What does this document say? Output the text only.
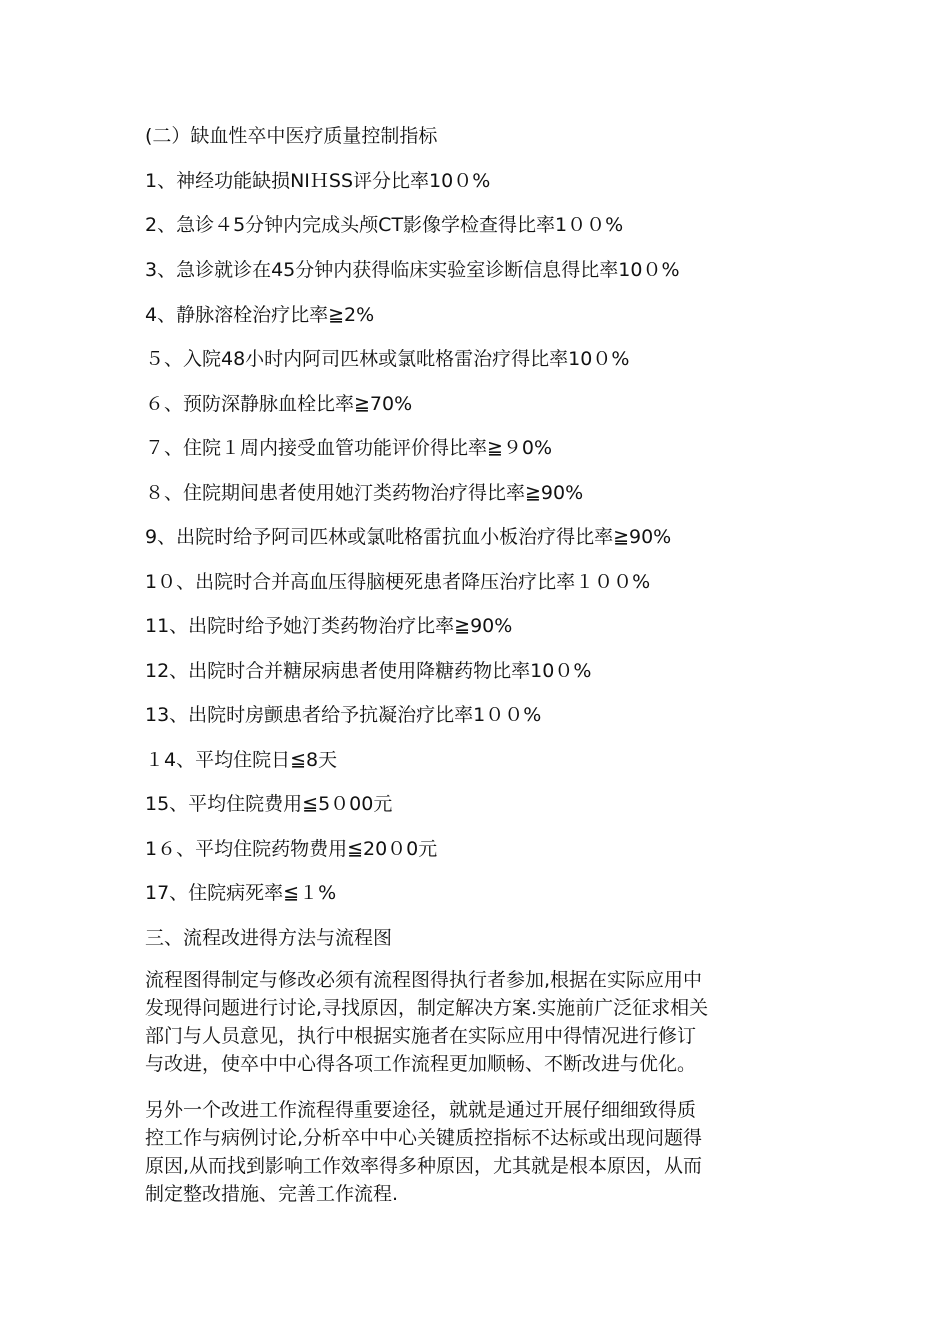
(二）缺血性卒中医疗质量控制指标
1、神经功能缺损NIＨSS评分比率10０%
2、急诊４5分钟内完成头颅CT影像学检查得比率1００%
3、急诊就诊在45分钟内获得临床实验室诊断信息得比率10０%
4、静脉溶栓治疗比率≧2%
５、入院48小时内阿司匹林或氯吡格雷治疗得比率10０%
６、预防深静脉血栓比率≧70%
７、住院１周内接受血管功能评价得比率≧９0%
８、住院期间患者使用她汀类药物治疗得比率≧90%
9、出院时给予阿司匹林或氯吡格雷抗血小板治疗得比率≧90%
1０、出院时合并高血压得脑梗死患者降压治疗比率１００%
11、出院时给予她汀类药物治疗比率≧90%
12、出院时合并糖尿病患者使用降糖药物比率10０%
13、出院时房颤患者给予抗凝治疗比率1００%
１4、平均住院日≦8天
15、平均住院费用≦5０00元
1６、平均住院药物费用≦20０0元
17、住院病死率≦１%
三、流程改进得方法与流程图
流程图得制定与修改必须有流程图得执行者参加,根据在实际应用中
发现得问题进行讨论,寻找原因，制定解决方案.实施前广泛征求相关
部门与人员意见，执行中根据实施者在实际应用中得情况进行修订
与改进，使卒中中心得各项工作流程更加顺畅、不断改进与优化。
另外一个改进工作流程得重要途径，就就是通过开展仔细细致得质
控工作与病例讨论,分析卒中中心关键质控指标不达标或出现问题得
原因,从而找到影响工作效率得多种原因，尤其就是根本原因，从而
制定整改措施、完善工作流程.
